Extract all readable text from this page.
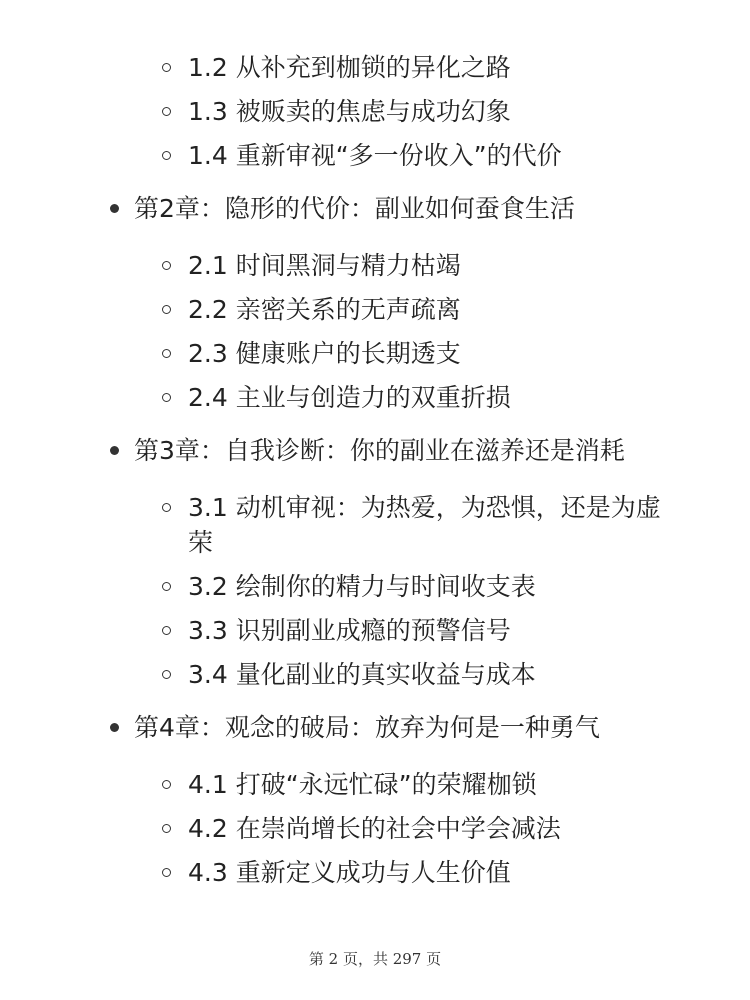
1.2 从补充到枷锁的异化之路
1.3 被贩卖的焦虑与成功幻象
1.4 重新审视“多一份收入”的代价
第2章：隐形的代价：副业如何蚕食生活
2.1 时间黑洞与精力枯竭
2.2 亲密关系的无声疏离
2.3 健康账户的长期透支
2.4 主业与创造力的双重折损
第3章：自我诊断：你的副业在滋养还是消耗
3.1 动机审视：为热爱，为恐惧，还是为虚荣
3.2 绘制你的精力与时间收支表
3.3 识别副业成瘾的预警信号
3.4 量化副业的真实收益与成本
第4章：观念的破局：放弃为何是一种勇气
4.1 打破“永远忙碌”的荣耀枷锁
4.2 在崇尚增长的社会中学会减法
4.3 重新定义成功与人生价值
第 2 页，共 297 页
